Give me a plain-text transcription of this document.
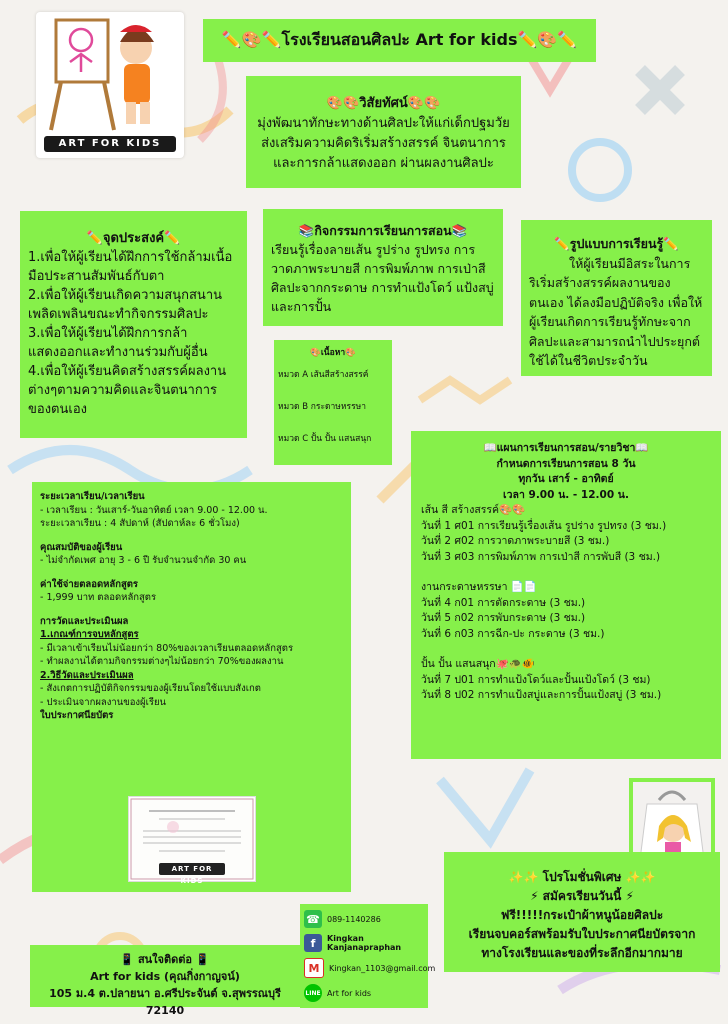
ART FOR KIDS
✏️🎨✏️โรงเรียนสอนศิลปะ Art for kids✏️🎨✏️
🎨🎨วิสัยทัศน์🎨🎨
มุ่งพัฒนาทักษะทางด้านศิลปะให้แก่เด็กปฐมวัย
ส่งเสริมความคิดริเริ่มสร้างสรรค์ จินตนาการ
และการกล้าแสดงออก ผ่านผลงานศิลปะ
✏️จุดประสงค์✏️
1.เพื่อให้ผู้เรียนได้ฝึกการใช้กล้ามเนื้อมือประสานสัมพันธ์กับตา
2.เพื่อให้ผู้เรียนเกิดความสนุกสนานเพลิดเพลินขณะทำกิจกรรมศิลปะ
3.เพื่อให้ผู้เรียนได้ฝึกการกล้าแสดงออกและทำงานร่วมกับผู้อื่น
4.เพื่อให้ผู้เรียนคิดสร้างสรรค์ผลงานต่างๆตามความคิดและจินตนาการของตนเอง
📚กิจกรรมการเรียนการสอน📚
เรียนรู้เรื่องลายเส้น รูปร่าง รูปทรง การวาดภาพระบายสี การพิมพ์ภาพ การเป่าสี ศิลปะจากกระดาษ การทำแป้งโดว์ แป้งสบู่และการปั้น
🎨เนื้อหา🎨
หมวด A เส้นสีสร้างสรรค์
หมวด B กระดาษหรรษา
หมวด C ปั้น ปั้น แสนสนุก
✏️รูปแบบการเรียนรู้✏️
ให้ผู้เรียนมีอิสระในการริเริ่มสร้างสรรค์ผลงานของตนเอง ได้ลงมือปฏิบัติจริง เพื่อให้ผู้เรียนเกิดการเรียนรู้ทักษะจากศิลปะและสามารถนำไปประยุกต์ใช้ได้ในชีวิตประจำวัน
📖แผนการเรียนการสอน/รายวิชา📖
กำหนดการเรียนการสอน 8 วัน
ทุกวัน เสาร์ - อาทิตย์
เวลา 9.00 น. - 12.00 น.
เส้น สี สร้างสรรค์🎨🎨
วันที่ 1 ศ01 การเรียนรู้เรื่องเส้น รูปร่าง รูปทรง (3 ชม.)
วันที่ 2 ศ02 การวาดภาพระบายสี (3 ชม.)
วันที่ 3 ศ03 การพิมพ์ภาพ การเป่าสี การพับสี (3 ชม.)
งานกระดาษหรรษา 📄📄
วันที่ 4 ก01 การตัดกระดาษ (3 ชม.)
วันที่ 5 ก02 การพับกระดาษ (3 ชม.)
วันที่ 6 ก03 การฉีก-ปะ กระดาษ (3 ชม.)
ปั้น ปั้น แสนสนุก🐙🐢🐠
วันที่ 7 ป01 การทำแป้งโดว์และปั้นแป้งโดว์ (3 ชม)
วันที่ 8 ป02 การทำแป้งสบู่และการปั้นแป้งสบู่ (3 ชม.)
ระยะเวลาเรียน/เวลาเรียน
- เวลาเรียน : วันเสาร์-วันอาทิตย์ เวลา 9.00 - 12.00 น.
ระยะเวลาเรียน : 4 สัปดาห์ (สัปดาห์ละ 6 ชั่วโมง)
คุณสมบัติของผู้เรียน
- ไม่จำกัดเพศ อายุ 3 - 6 ปี รับจำนวนจำกัด 30 คน
ค่าใช้จ่ายตลอดหลักสูตร
- 1,999 บาท ตลอดหลักสูตร
การวัดและประเมินผล
1.เกณฑ์การจบหลักสูตร
- มีเวลาเข้าเรียนไม่น้อยกว่า 80%ของเวลาเรียนตลอดหลักสูตร
- ทำผลงานได้ตามกิจกรรมต่างๆไม่น้อยกว่า 70%ของผลงาน
2.วิธีวัดและประเมินผล
- สังเกตการปฏิบัติกิจกรรมของผู้เรียนโดยใช้แบบสังเกต
- ประเมินจากผลงานของผู้เรียน
ใบประกาศนียบัตร
ART FOR KIDS
📱 สนใจติดต่อ 📱
Art for kids (คุณกิ่งกาญจน์)
105 ม.4 ต.ปลายนา อ.ศรีประจันต์ จ.สุพรรณบุรี 72140
☎ 089-1140286
f	Kingkan Kanjanapraphan
M	Kingkan_1103@gmail.com
LINE Art for kids
✨✨ โปรโมชั่นพิเศษ ✨✨
⚡ สมัครเรียนวันนี้ ⚡
ฟรี!!!!!กระเป๋าผ้าหนูน้อยศิลปะ
เรียนจบคอร์สพร้อมรับใบประกาศนียบัตรจาก
ทางโรงเรียนและของที่ระลึกอีกมากมาย
